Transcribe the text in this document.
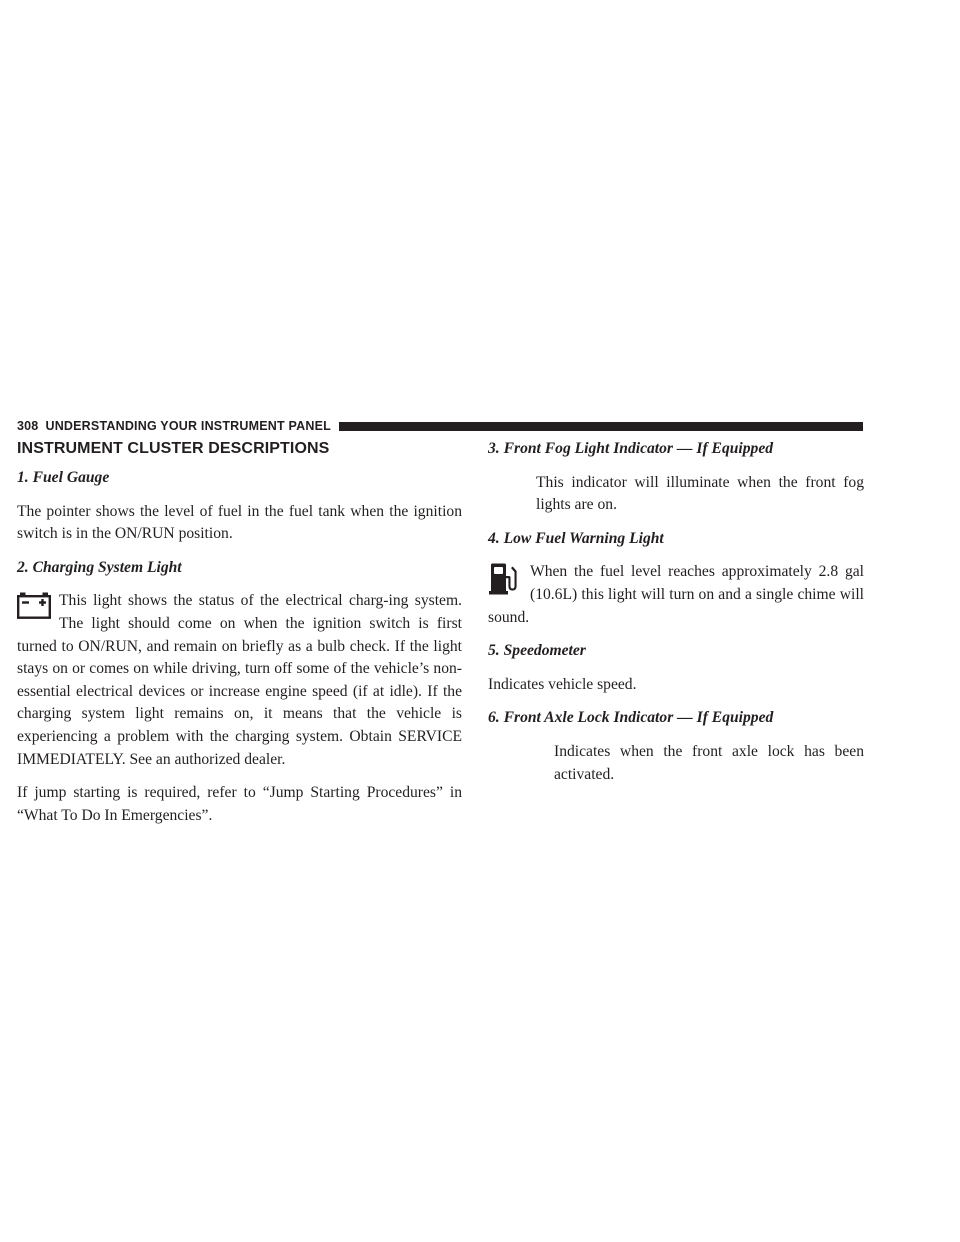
308 UNDERSTANDING YOUR INSTRUMENT PANEL
INSTRUMENT CLUSTER DESCRIPTIONS
1. Fuel Gauge

The pointer shows the level of fuel in the fuel tank when the ignition switch is in the ON/RUN position.

2. Charging System Light

This light shows the status of the electrical charg-ing system. The light should come on when the ignition switch is first turned to ON/RUN, and remain on briefly as a bulb check. If the light stays on or comes on while driving, turn off some of the vehicle’s non-essential electrical devices or increase engine speed (if at idle). If the charging system light remains on, it means that the vehicle is experiencing a problem with the charging system. Obtain SERVICE IMMEDIATELY. See an authorized dealer.

If jump starting is required, refer to “Jump Starting Procedures” in “What To Do In Emergencies”.

3. Front Fog Light Indicator — If Equipped

This indicator will illuminate when the front fog lights are on.

4. Low Fuel Warning Light

When the fuel level reaches approximately 2.8 gal (10.6L) this light will turn on and a single chime will sound.

5. Speedometer

Indicates vehicle speed.

6. Front Axle Lock Indicator — If Equipped

Indicates when the front axle lock has been activated.
